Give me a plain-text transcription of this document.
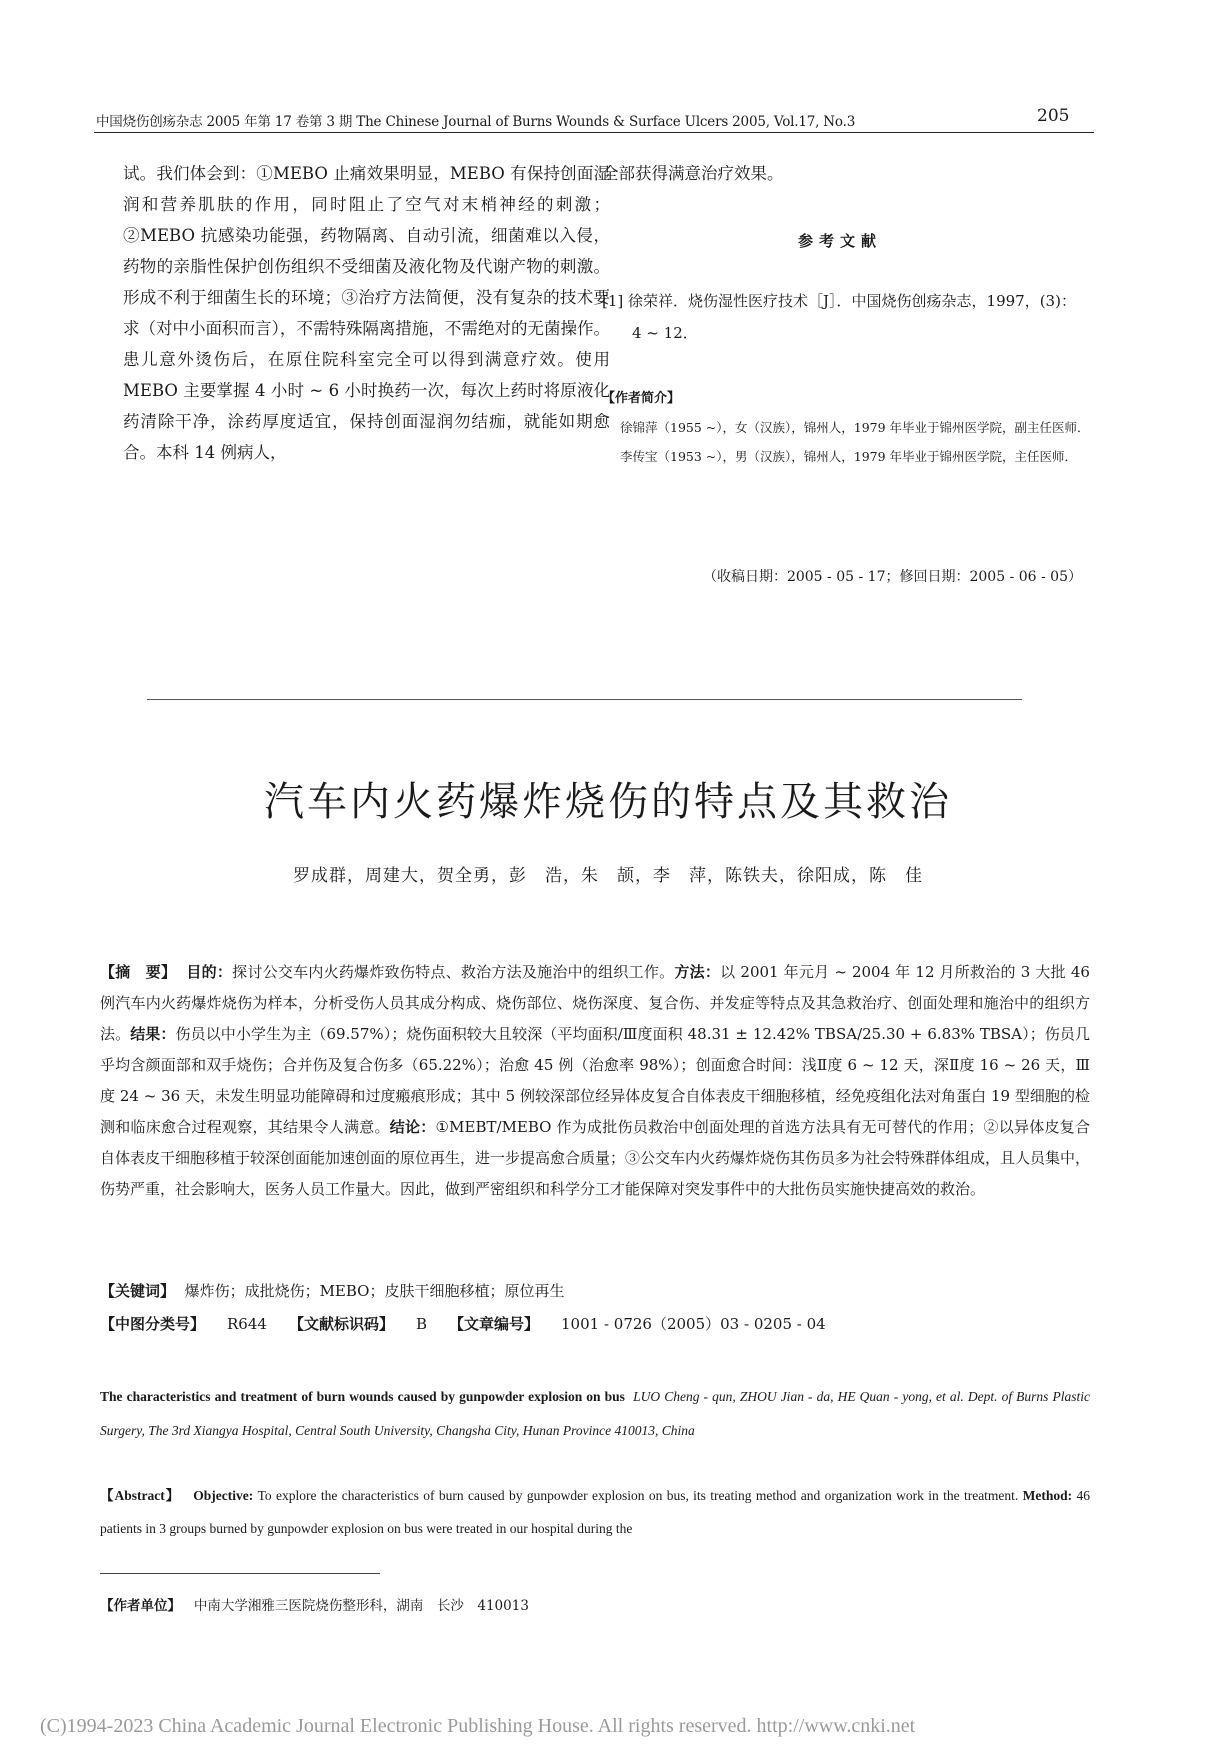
中国烧伤创疡杂志 2005 年第 17 卷第 3 期 The Chinese Journal of Burns Wounds & Surface Ulcers 2005, Vol.17, No.3	205

试。我们体会到：①MEBO 止痛效果明显，MEBO 有保持创面湿润和营养肌肤的作用，同时阻止了空气对末梢神经的刺激；②MEBO 抗感染功能强，药物隔离、自动引流，细菌难以入侵，药物的亲脂性保护创伤组织不受细菌及液化物及代谢产物的刺激。形成不利于细菌生长的环境；③治疗方法简便，没有复杂的技术要求（对中小面积而言），不需特殊隔离措施，不需绝对的无菌操作。患儿意外烫伤后，在原住院科室完全可以得到满意疗效。使用 MEBO 主要掌握 4 小时 ~ 6 小时换药一次，每次上药时将原液化药清除干净，涂药厚度适宜，保持创面湿润勿结痂，就能如期愈合。本科 14 例病人，

全部获得满意治疗效果。

参考文献
[1] 徐荣祥．烧伤湿性医疗技术［J］．中国烧伤创疡杂志，1997，(3)：4 ~ 12．
【作者简介】
徐锦萍（1955 ~），女（汉族），锦州人，1979 年毕业于锦州医学院，副主任医师．
李传宝（1953 ~），男（汉族），锦州人，1979 年毕业于锦州医学院，主任医师．
（收稿日期：2005 - 05 - 17；修回日期：2005 - 06 - 05）
汽车内火药爆炸烧伤的特点及其救治
罗成群，周建大，贺全勇，彭　浩，朱　颉，李　萍，陈铁夫，徐阳成，陈　佳
【摘　要】 目的：探讨公交车内火药爆炸致伤特点、救治方法及施治中的组织工作。方法：以 2001 年元月 ~ 2004 年 12 月所救治的 3 大批 46 例汽车内火药爆炸烧伤为样本，分析受伤人员其成分构成、烧伤部位、烧伤深度、复合伤、并发症等特点及其急救治疗、创面处理和施治中的组织方法。结果：伤员以中小学生为主（69.57%）；烧伤面积较大且较深（平均面积/Ⅲ度面积 48.31 ± 12.42% TBSA/25.30 + 6.83% TBSA）；伤员几乎均含颜面部和双手烧伤；合并伤及复合伤多（65.22%）；治愈 45 例（治愈率 98%）；创面愈合时间：浅Ⅱ度 6 ~ 12 天，深Ⅱ度 16 ~ 26 天，Ⅲ度 24 ~ 36 天，未发生明显功能障碍和过度瘢痕形成；其中 5 例较深部位经异体皮复合自体表皮干细胞移植，经免疫组化法对角蛋白 19 型细胞的检测和临床愈合过程观察，其结果令人满意。结论：①MEBT/MEBO 作为成批伤员救治中创面处理的首选方法具有无可替代的作用；②以异体皮复合自体表皮干细胞移植于较深创面能加速创面的原位再生，进一步提高愈合质量；③公交车内火药爆炸烧伤其伤员多为社会特殊群体组成，且人员集中，伤势严重，社会影响大，医务人员工作量大。因此，做到严密组织和科学分工才能保障对突发事件中的大批伤员实施快捷高效的救治。
【关键词】 爆炸伤；成批烧伤；MEBO；皮肤干细胞移植；原位再生
【中图分类号】 R644 【文献标识码】 B 【文章编号】 1001 - 0726（2005）03 - 0205 - 04
The characteristics and treatment of burn wounds caused by gunpowder explosion on bus LUO Cheng - qun, ZHOU Jian - da, HE Quan - yong, et al. Dept. of Burns Plastic Surgery, The 3rd Xiangya Hospital, Central South University, Changsha City, Hunan Province 410013, China
【Abstract】 Objective: To explore the characteristics of burn caused by gunpowder explosion on bus, its treating method and organization work in the treatment. Method: 46 patients in 3 groups burned by gunpowder explosion on bus were treated in our hospital during the
【作者单位】 中南大学湘雅三医院烧伤整形科，湖南　长沙　410013
(C)1994-2023 China Academic Journal Electronic Publishing House. All rights reserved. http://www.cnki.net
